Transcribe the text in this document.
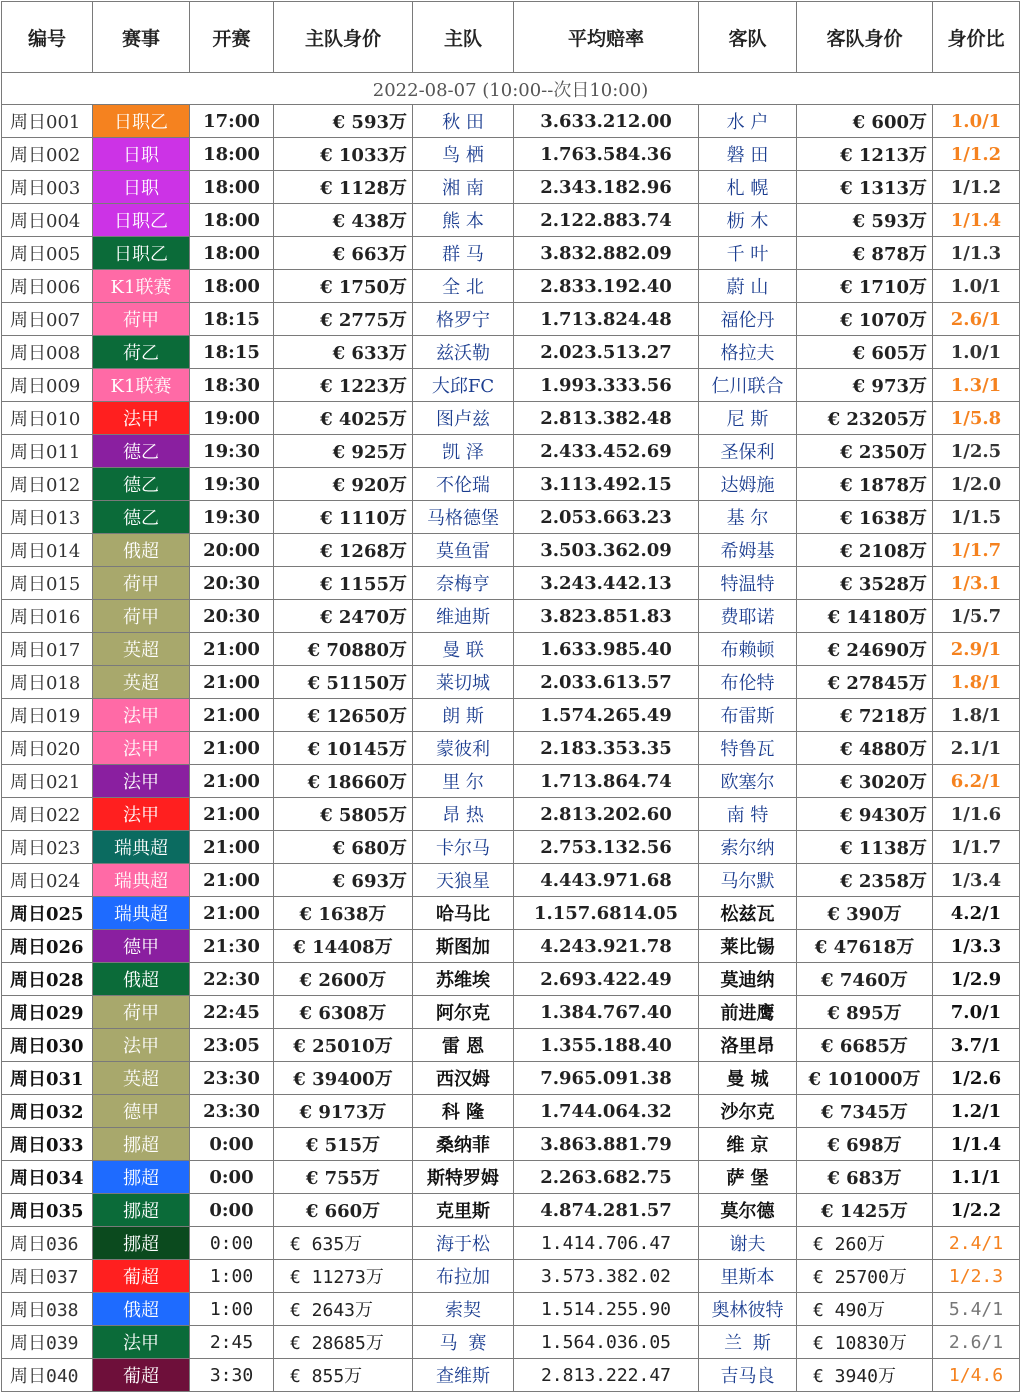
编号	赛事	开赛	主队身价	主队	平均赔率	客队	客队身价	身价比
2022-08-07 (10:00--次日10:00)								
周日001	日职乙	17:00	€ 593万	秋 田	3.633.212.00	水 户	€ 600万	1.0/1
周日002	日职	18:00	€ 1033万	鸟 栖	1.763.584.36	磐 田	€ 1213万	1/1.2
周日003	日职	18:00	€ 1128万	湘 南	2.343.182.96	札 幌	€ 1313万	1/1.2
周日004	日职乙	18:00	€ 438万	熊 本	2.122.883.74	枥 木	€ 593万	1/1.4
周日005	日职乙	18:00	€ 663万	群 马	3.832.882.09	千 叶	€ 878万	1/1.3
周日006	K1联赛	18:00	€ 1750万	全 北	2.833.192.40	蔚 山	€ 1710万	1.0/1
周日007	荷甲	18:15	€ 2775万	格罗宁	1.713.824.48	福伦丹	€ 1070万	2.6/1
周日008	荷乙	18:15	€ 633万	兹沃勒	2.023.513.27	格拉夫	€ 605万	1.0/1
周日009	K1联赛	18:30	€ 1223万	大邱FC	1.993.333.56	仁川联合	€ 973万	1.3/1
周日010	法甲	19:00	€ 4025万	图卢兹	2.813.382.48	尼 斯	€ 23205万	1/5.8
周日011	德乙	19:30	€ 925万	凯 泽	2.433.452.69	圣保利	€ 2350万	1/2.5
周日012	德乙	19:30	€ 920万	不伦瑞	3.113.492.15	达姆施	€ 1878万	1/2.0
周日013	德乙	19:30	€ 1110万	马格德堡	2.053.663.23	基 尔	€ 1638万	1/1.5
周日014	俄超	20:00	€ 1268万	莫鱼雷	3.503.362.09	希姆基	€ 2108万	1/1.7
周日015	荷甲	20:30	€ 1155万	奈梅亨	3.243.442.13	特温特	€ 3528万	1/3.1
周日016	荷甲	20:30	€ 2470万	维迪斯	3.823.851.83	费耶诺	€ 14180万	1/5.7
周日017	英超	21:00	€ 70880万	曼 联	1.633.985.40	布赖顿	€ 24690万	2.9/1
周日018	英超	21:00	€ 51150万	莱切城	2.033.613.57	布伦特	€ 27845万	1.8/1
周日019	法甲	21:00	€ 12650万	朗 斯	1.574.265.49	布雷斯	€ 7218万	1.8/1
周日020	法甲	21:00	€ 10145万	蒙彼利	2.183.353.35	特鲁瓦	€ 4880万	2.1/1
周日021	法甲	21:00	€ 18660万	里 尔	1.713.864.74	欧塞尔	€ 3020万	6.2/1
周日022	法甲	21:00	€ 5805万	昂 热	2.813.202.60	南 特	€ 9430万	1/1.6
周日023	瑞典超	21:00	€ 680万	卡尔马	2.753.132.56	索尔纳	€ 1138万	1/1.7
周日024	瑞典超	21:00	€ 693万	天狼星	4.443.971.68	马尔默	€ 2358万	1/3.4
周日025	瑞典超	21:00	€ 1638万	哈马比	1.157.6814.05	松兹瓦	€ 390万	4.2/1
周日026	德甲	21:30	€ 14408万	斯图加	4.243.921.78	莱比锡	€ 47618万	1/3.3
周日028	俄超	22:30	€ 2600万	苏维埃	2.693.422.49	莫迪纳	€ 7460万	1/2.9
周日029	荷甲	22:45	€ 6308万	阿尔克	1.384.767.40	前进鹰	€ 895万	7.0/1
周日030	法甲	23:05	€ 25010万	雷 恩	1.355.188.40	洛里昂	€ 6685万	3.7/1
周日031	英超	23:30	€ 39400万	西汉姆	7.965.091.38	曼 城	€ 101000万	1/2.6
周日032	德甲	23:30	€ 9173万	科 隆	1.744.064.32	沙尔克	€ 7345万	1.2/1
周日033	挪超	0:00	€ 515万	桑纳菲	3.863.881.79	维 京	€ 698万	1/1.4
周日034	挪超	0:00	€ 755万	斯特罗姆	2.263.682.75	萨 堡	€ 683万	1.1/1
周日035	挪超	0:00	€ 660万	克里斯	4.874.281.57	莫尔德	€ 1425万	1/2.2
周日036	挪超	0:00	€ 635万	海于松	1.414.706.47	谢夫	€ 260万	2.4/1
周日037	葡超	1:00	€ 11273万	布拉加	3.573.382.02	里斯本	€ 25700万	1/2.3
周日038	俄超	1:00	€ 2643万	索契	1.514.255.90	奥林彼特	€ 490万	5.4/1
周日039	法甲	2:45	€ 28685万	马 赛	1.564.036.05	兰 斯	€ 10830万	2.6/1
周日040	葡超	3:30	€ 855万	查维斯	2.813.222.47	吉马良	€ 3940万	1/4.6
